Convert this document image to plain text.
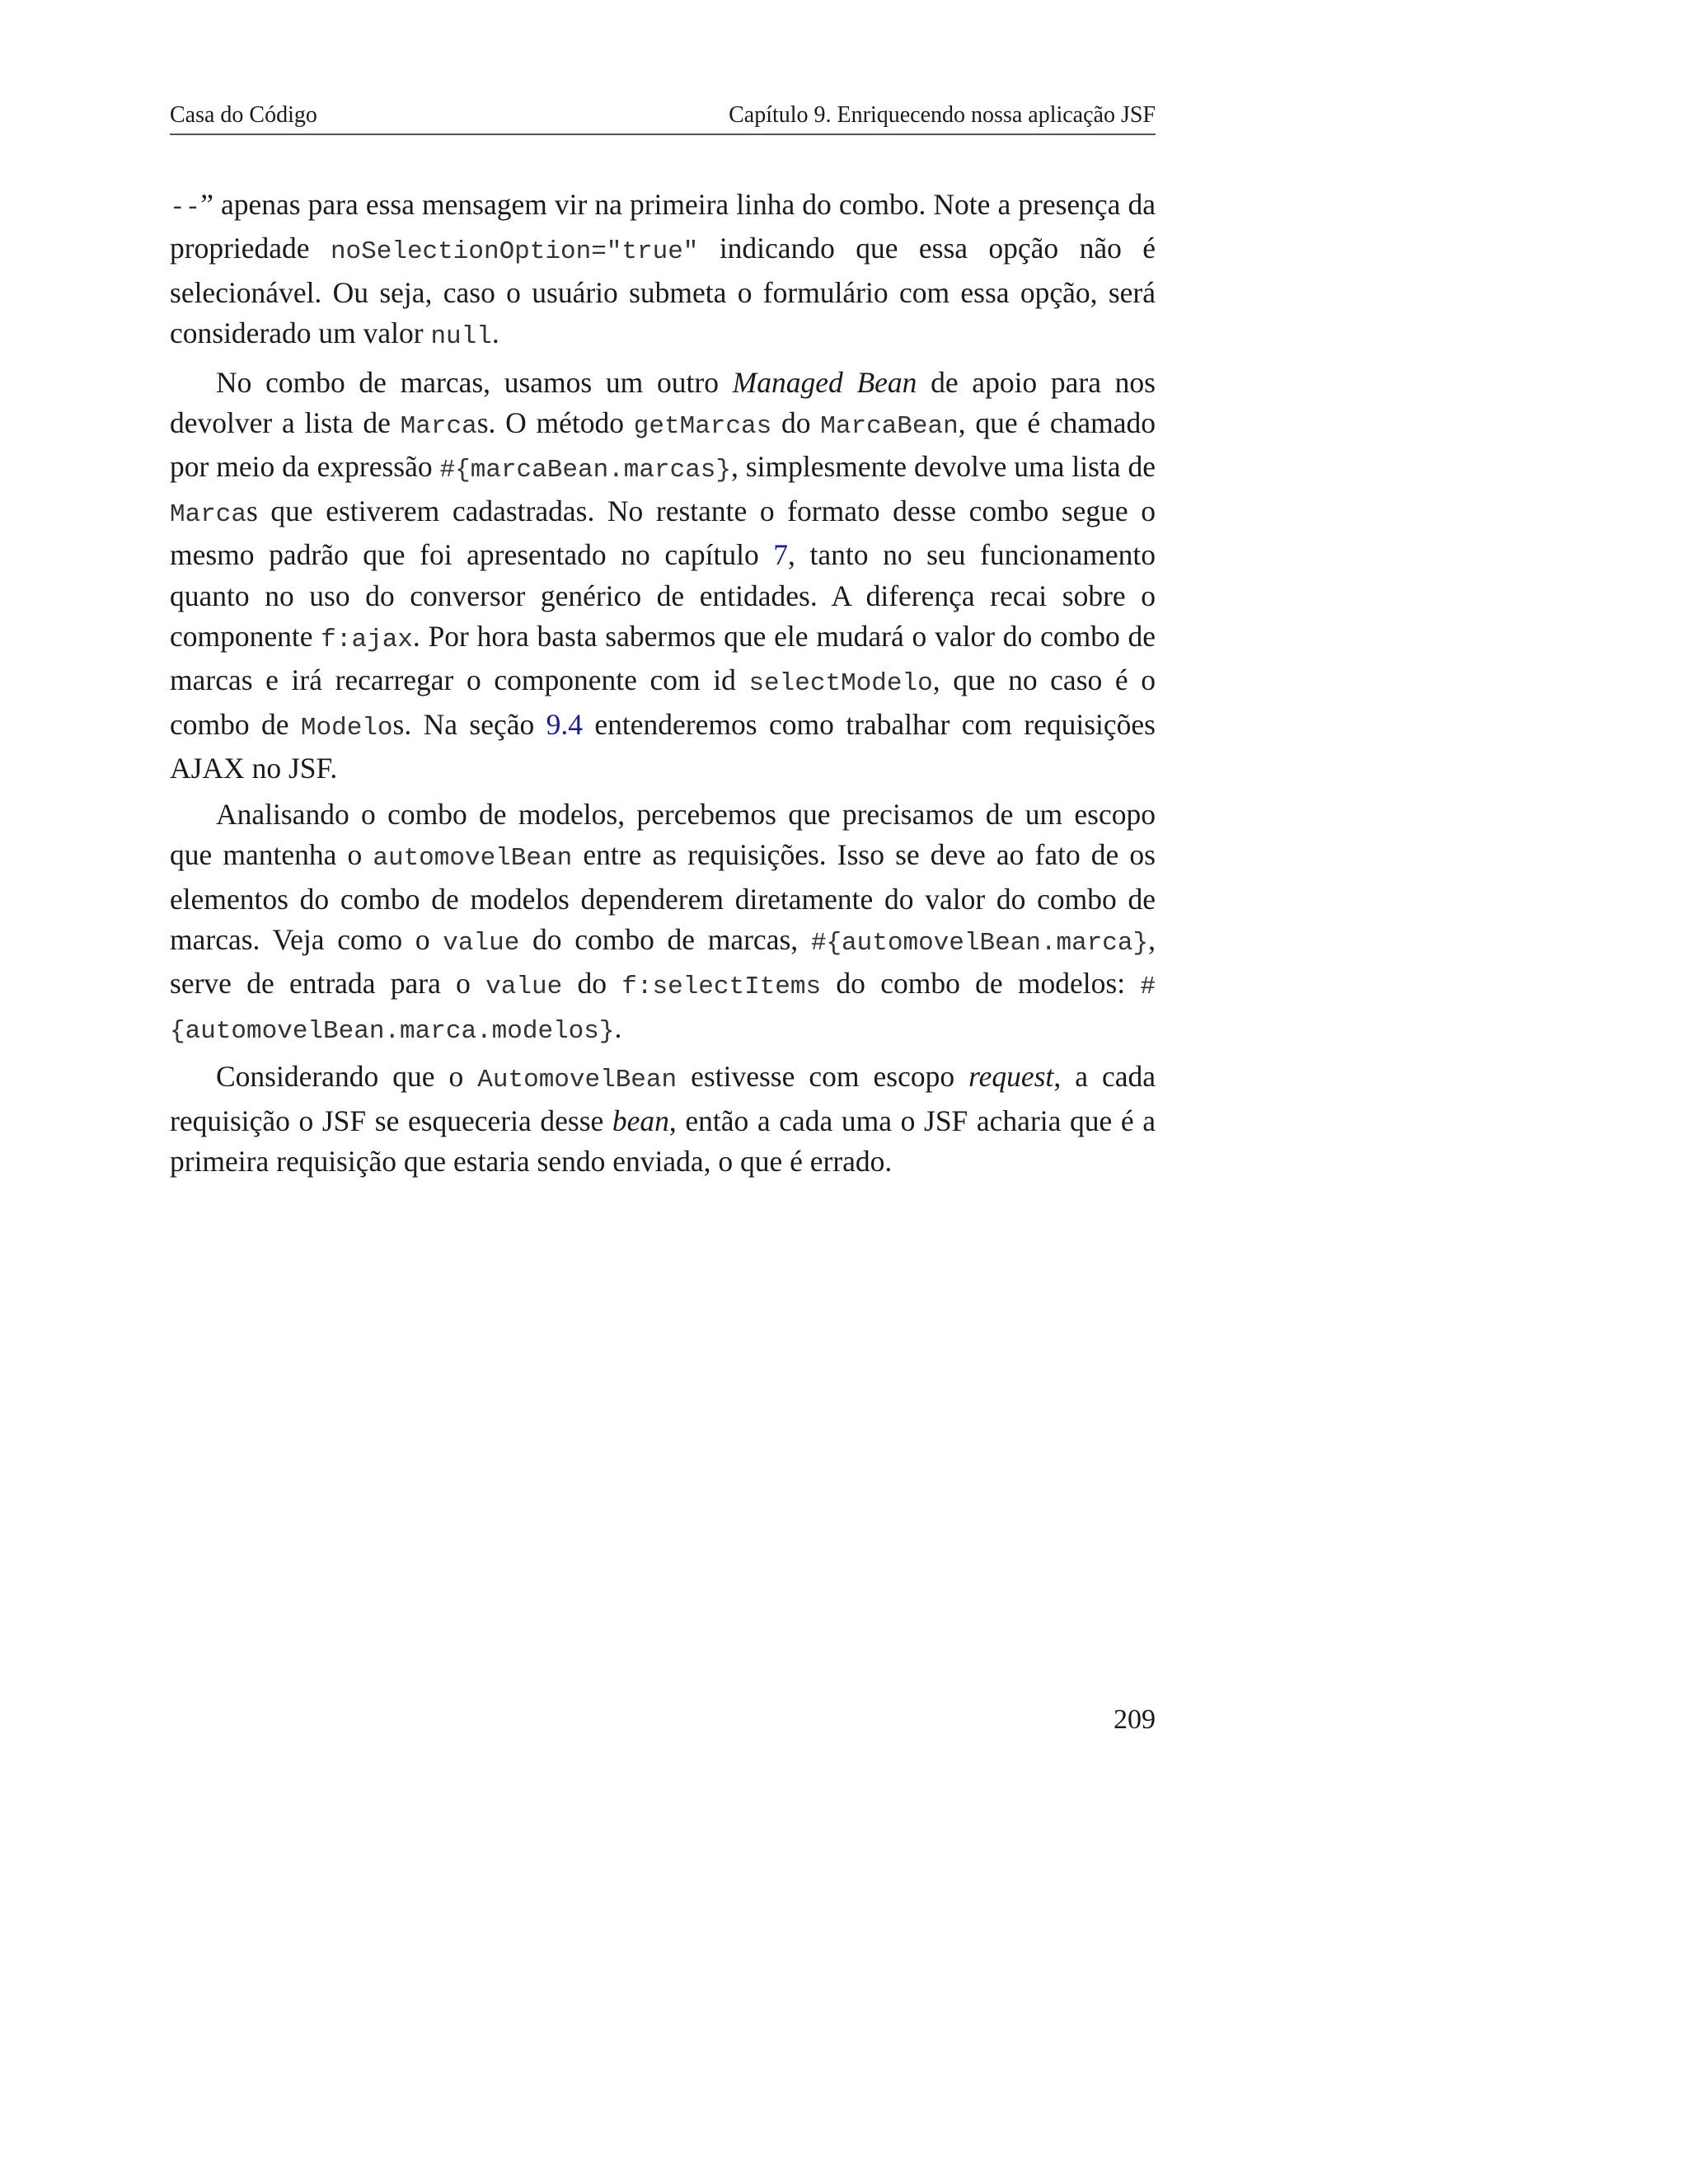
Casa do Código	Capítulo 9. Enriquecendo nossa aplicação JSF

--” apenas para essa mensagem vir na primeira linha do combo. Note a presença da propriedade noSelectionOption="true" indicando que essa opção não é selecionável. Ou seja, caso o usuário submeta o formulário com essa opção, será considerado um valor null.

No combo de marcas, usamos um outro Managed Bean de apoio para nos devolver a lista de Marcas. O método getMarcas do MarcaBean, que é chamado por meio da expressão #{marcaBean.marcas}, simplesmente devolve uma lista de Marcas que estiverem cadastradas. No restante o formato desse combo segue o mesmo padrão que foi apresentado no capítulo 7, tanto no seu funcionamento quanto no uso do conversor genérico de entidades. A diferença recai sobre o componente f:ajax. Por hora basta sabermos que ele mudará o valor do combo de marcas e irá recarregar o componente com id selectModelo, que no caso é o combo de Modelos. Na seção 9.4 entenderemos como trabalhar com requisições AJAX no JSF.

Analisando o combo de modelos, percebemos que precisamos de um escopo que mantenha o automovelBean entre as requisições. Isso se deve ao fato de os elementos do combo de modelos dependerem diretamente do valor do combo de marcas. Veja como o value do combo de marcas, #{automovelBean.marca}, serve de entrada para o value do f:selectItems do combo de modelos: #{automovelBean.marca.modelos}.

Considerando que o AutomovelBean estivesse com escopo request, a cada requisição o JSF se esqueceria desse bean, então a cada uma o JSF acharia que é a primeira requisição que estaria sendo enviada, o que é errado.

209
